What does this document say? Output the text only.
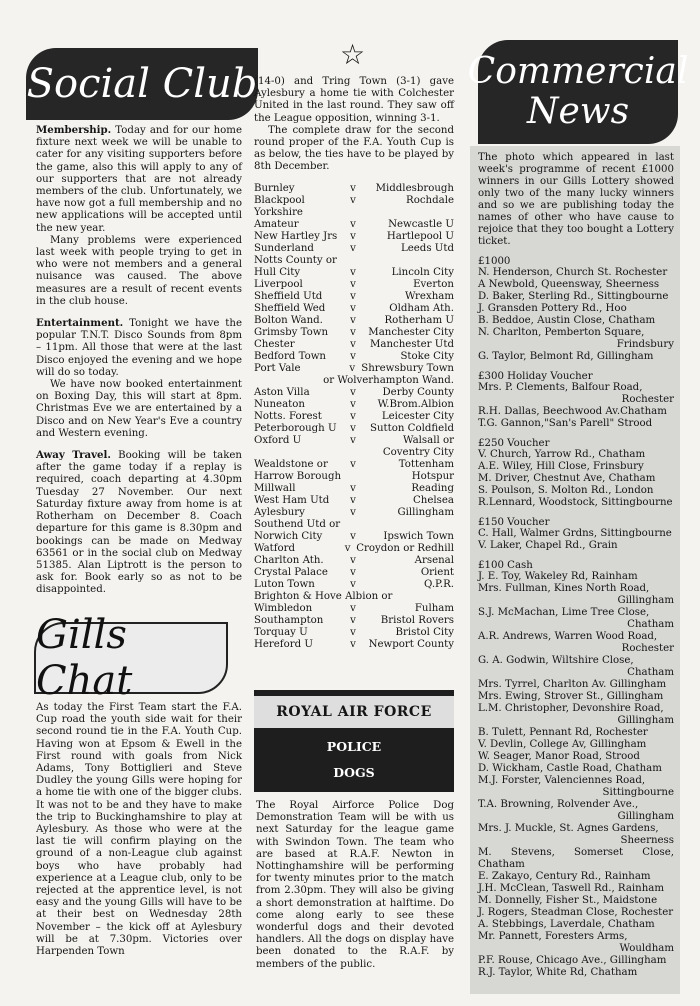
Social Club

Membership. Today and for our home fixture next week we will be unable to cater for any visiting supporters before the game, also this will apply to any of our supporters that are not already members of the club. Unfortunately, we have now got a full membership and no new applications will be accepted until the new year.

Many problems were experienced last week with people trying to get in who were not members and a general nuisance was caused. The above measures are a result of recent events in the club house.

Entertainment. Tonight we have the popular T.N.T. Disco Sounds from 8pm – 11pm. All those that were at the last Disco enjoyed the evening and we hope will do so today.

We have now booked entertainment on Boxing Day, this will start at 8pm. Christmas Eve we are entertained by a Disco and on New Year's Eve a country and Western evening.

Away Travel. Booking will be taken after the game today if a replay is required, coach departing at 4.30pm Tuesday 27 November. Our next Saturday fixture away from home is at Rotherham on December 8. Coach departure for this game is 8.30pm and bookings can be made on Medway 63561 or in the social club on Medway 51385. Alan Liptrott is the person to ask for. Book early so as not to be disappointed.

Gills Chat

As today the First Team start the F.A. Cup road the youth side wait for their second round tie in the F.A. Youth Cup. Having won at Epsom & Ewell in the First round with goals from Nick Adams, Tony Bottiglieri and Steve Dudley the young Gills were hoping for a home tie with one of the bigger clubs. It was not to be and they have to make the trip to Buckinghamshire to play at Aylesbury. As those who were at the last tie will confirm playing on the ground of a non-League club against boys who have probably had experience at a League club, only to be rejected at the apprentice level, is not easy and the young Gills will have to be at their best on Wednesday 28th November – the kick off at Aylesbury will be at 7.30pm. Victories over Harpenden Town

☆

(14-0) and Tring Town (3-1) gave Aylesbury a home tie with Colchester United in the last round. They saw off the League opposition, winning 3-1.

The complete draw for the second round proper of the F.A. Youth Cup is as below, the ties have to be played by 8th December.

Burnley	v	Middlesbrough
Blackpool	v	Rochdale
Yorkshire
Amateur	v	Newcastle U
New Hartley Jrs	v	Hartlepool U
Sunderland	v	Leeds Utd
Notts County or
Hull City	v	Lincoln City
Liverpool	v	Everton
Sheffield Utd	v	Wrexham
Sheffield Wed	v	Oldham Ath.
Bolton Wand.	v	Rotherham U
Grimsby Town	v	Manchester City
Chester	v	Manchester Utd
Bedford Town	v	Stoke City
Port Vale	v Shrewsbury Town
or Wolverhampton Wand.
Aston Villa	v	Derby County
Nuneaton	v	W.Brom.Albion
Notts. Forest	v	Leicester City
Peterborough U	v	Sutton Coldfield
Oxford U	v	Walsall or
Coventry City
Wealdstone or	v	Tottenham
Harrow Borough	Hotspur
Millwall	v	Reading
West Ham Utd	v	Chelsea
Aylesbury	v	Gillingham
Southend Utd or
Norwich City	v	Ipswich Town
Watford	v Croydon or Redhill
Charlton Ath.	v	Arsenal
Crystal Palace	v	Orient
Luton Town	v	Q.P.R.
Brighton & Hove Albion or
Wimbledon	v	Fulham
Southampton	v	Bristol Rovers
Torquay U	v	Bristol City
Hereford U	v	Newport County
ROYAL AIR FORCE
POLICE
DOGS

The Royal Airforce Police Dog Demonstration Team will be with us next Saturday for the league game with Swindon Town. The team who are based at R.A.F. Newton in Nottinghamshire will be performing for twenty minutes prior to the match from 2.30pm. They will also be giving a short demonstration at halftime. Do come along early to see these wonderful dogs and their devoted handlers. All the dogs on display have been donated to the R.A.F. by members of the public.

Commercial
News

The photo which appeared in last week's programme of recent £1000 winners in our Gills Lottery showed only two of the many lucky winners and so we are publishing today the names of other who have cause to rejoice that they too bought a Lottery ticket.

£1000
N. Henderson, Church St. Rochester
A Newbold, Queensway, Sheerness
D. Baker, Sterling Rd., Sittingbourne
J. Gransden Pottery Rd., Hoo
B. Beddoe, Austin Close, Chatham
N. Charlton, Pemberton Square,
Frindsbury
G. Taylor, Belmont Rd, Gillingham
£300 Holiday Voucher
Mrs. P. Clements, Balfour Road,
Rochester
R.H. Dallas, Beechwood Av.Chatham
T.G. Gannon,"San's Parell" Strood
£250 Voucher
V. Church, Yarrow Rd., Chatham
A.E. Wiley, Hill Close, Frinsbury
M. Driver, Chestnut Ave, Chatham
S. Poulson, S. Molton Rd., London
R.Lennard, Woodstock, Sittingbourne
£150 Voucher
C. Hall, Walmer Grdns, Sittingbourne
V. Laker, Chapel Rd., Grain
£100 Cash
J. E. Toy, Wakeley Rd, Rainham
Mrs. Fullman, Kines North Road,
Gillingham
S.J. McMachan, Lime Tree Close,
Chatham
A.R. Andrews, Warren Wood Road,
Rochester
G. A. Godwin, Wiltshire Close,
Chatham
Mrs. Tyrrel, Charlton Av. Gillingham
Mrs. Ewing, Strover St., Gillingham
L.M. Christopher, Devonshire Road,
Gillingham
B. Tulett, Pennant Rd, Rochester
V. Devlin, College Av, Gillingham
W. Seager, Manor Road, Strood
D. Wickham, Castle Road, Chatham
M.J. Forster, Valenciennes Road,
Sittingbourne
T.A. Browning, Rolvender Ave.,
Gillingham
Mrs. J. Muckle, St. Agnes Gardens,
Sheerness
M. Stevens, Somerset Close, Chatham
E. Zakayo, Century Rd., Rainham
J.H. McClean, Taswell Rd., Rainham
M. Donnelly, Fisher St., Maidstone
J. Rogers, Steadman Close, Rochester
A. Stebbings, Laverdale, Chatham
Mr. Pannett, Foresters Arms,
Wouldham
P.F. Rouse, Chicago Ave., Gillingham
R.J. Taylor, White Rd, Chatham
